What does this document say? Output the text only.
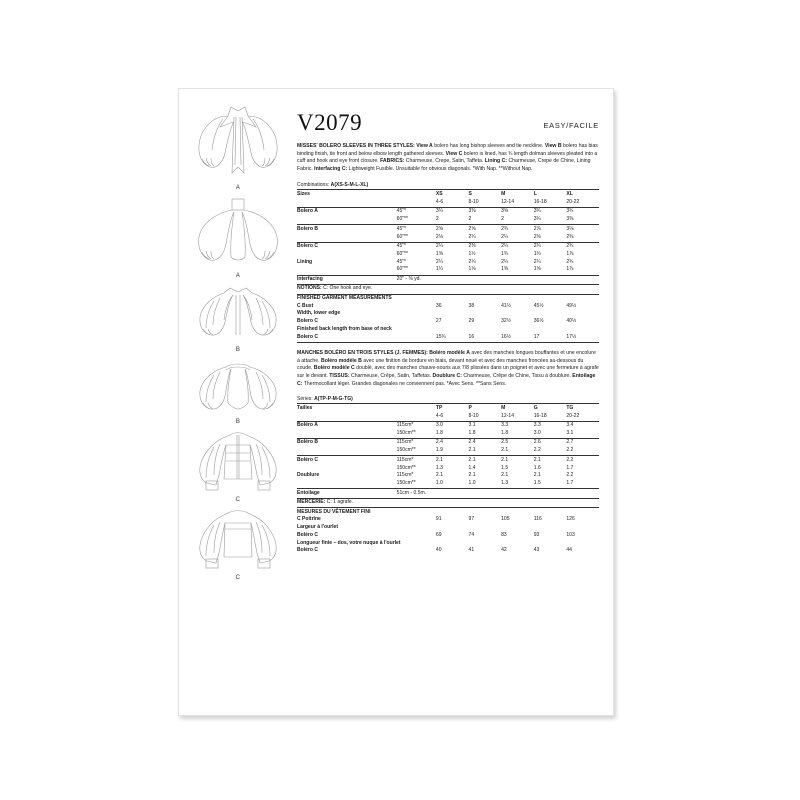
A
A
B
B
C
C
V2079	EASY/FACILE
MISSES' BOLERO SLEEVES IN THREE STYLES: View A bolero has long bishop sleeves and tie neckline. View B bolero has bias binding finish, tie front and below elbow length gathered sleeves. View C bolero is lined, has ¾ length dolman sleeves pleated into a cuff and hook and eye front closure. FABRICS: Charmeuse, Crepe, Satin, Taffeta. Lining C: Charmeuse, Crepe de Chine, Lining Fabric. Interfacing C: Lightweight Fusible. Unsuitable for obvious diagonals. *With Nap. **Without Nap.
Combinations: A(XS-S-M-L-XL)
Sizes		XS	S	M	L	XL
		4-6	8-10	12-14	16-18	20-22
Bolero A	45"*	3¼	3⅜	3⅝	3¾	3¾
	60"**	2	2	2	3¼	3⅜
Bolero B	45"*	2⅝	2⅝	2¾	2⅞	3⅛
	60"**	2⅛	2¼	2¼	2⅜	2⅜
Bolero C	45"*	2¼	2⅜	2¼	2¼	2¾
	60"**	1⅜	1½	1¾	1¾	1⅞
Lining	45"*	2¼	2¼	2¼	2¼	2¾
	60"**	1¼	1⅛	1⅜	1⅝	1⅞
Interfacing	20" - ⅜ yd.					
NOTIONS: C: One hook and eye.						
FINISHED GARMENT MEASUREMENTS						
C Bust		36	38	41½	45½	49½
Width, lower edge						
Bolero C		27	29	32½	36½	40½
Finished back length from base of neck						
Bolero C		15¾	16	16½	17	17½
MANCHES BOLÉRO EN TROIS STYLES (J. FEMMES): Boléro modèle A avec des manches longues bouffantes et une encolure à attache. Boléro modèle B avec une finition de bordure en biais, devant noué et avec des manches froncées au-dessous du coude. Boléro modèle C doublé, avec des manches chauve-souris aux 7/8 plissées dans un poignet et avec une fermeture à agrafe sur le devant. TISSUS: Charmeuse, Crêpe, Satin, Taffetas. Doublure C: Charmeuse, Crêpe de Chine, Tissu à doublure. Entoilage C: Thermocollant léger. Grandes diagonales ne conviennent pas. *Avec Sens. **Sans Sens.
Séries: A(TP-P-M-G-TG)
Tailles		TP	P	M	G	TG
		4-6	8-10	12-14	16-18	20-22
Boléro A	115cm*	3.0	3.1	3.3	3.3	3.4
	150cm**	1.8	1.8	1.8	3.0	3.1
Boléro B	115cm*	2.4	2.4	2.5	2.6	2.7
	150cm**	1.9	2.1	2.1	2.2	2.2
Boléro C	115cm*	2.1	2.1	2.1	2.1	2.2
	150cm**	1.3	1.4	1.5	1.6	1.7
Doublure	115cm*	2.1	2.1	2.1	2.1	2.2
	150cm**	1.0	1.0	1.3	1.5	1.7
Entoilage	51cm - 0.5m.					
MERCERIE: C: 1 agrafe.						
MESURES DU VÊTEMENT FINI						
C Poitrine		91	97	105	116	126
Largeur à l'ourlet						
Boléro C		69	74	83	93	103
Longueur finie – dos, votre nuque à l'ourlet						
Boléro C		40	41	42	43	44
